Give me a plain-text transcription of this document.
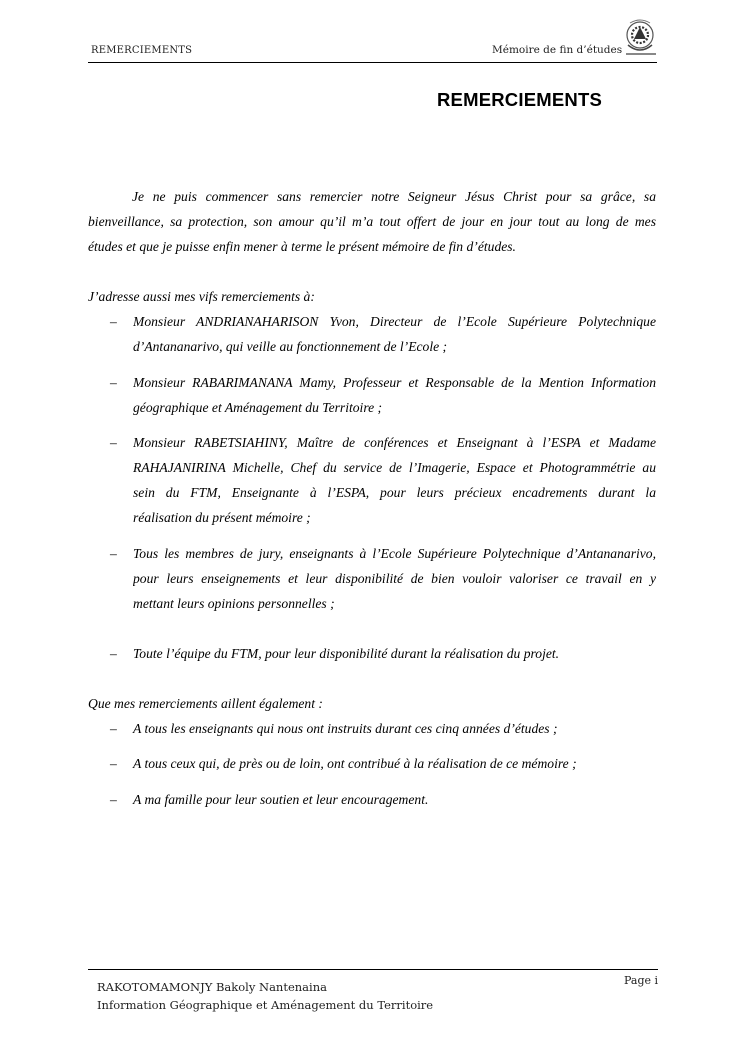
REMERCIEMENTS	Mémoire de fin d’études
REMERCIEMENTS
Je ne puis commencer sans remercier notre Seigneur Jésus Christ pour sa grâce, sa
bienveillance, sa protection, son amour qu’il m’a tout offert de jour en jour tout au long de mes
études et que je puisse enfin mener à terme le présent mémoire de fin d’études.
J’adresse aussi mes vifs remerciements à:
– Monsieur ANDRIANAHARISON Yvon, Directeur de l’Ecole Supérieure Polytechnique
d’Antananarivo, qui veille au fonctionnement de l’Ecole ;
– Monsieur RABARIMANANA Mamy, Professeur et Responsable de la Mention Information
géographique et Aménagement du Territoire ;
– Monsieur RABETSIAHINY, Maître de conférences et Enseignant à l’ESPA et Madame
RAHAJANIRINA Michelle, Chef du service de l’Imagerie, Espace et Photogrammétrie au
sein du FTM, Enseignante à l’ESPA, pour leurs précieux encadrements durant la
réalisation du présent mémoire ;
– Tous les membres de jury, enseignants à l’Ecole Supérieure Polytechnique d’Antananarivo,
pour leurs enseignements et leur disponibilité de bien vouloir valoriser ce travail en y
mettant leurs opinions personnelles ;
– Toute l’équipe du FTM, pour leur disponibilité durant la réalisation du projet.
Que mes remerciements aillent également :
– A tous les enseignants qui nous ont instruits durant ces cinq années d’études ;
– A tous ceux qui, de près ou de loin, ont contribué à la réalisation de ce mémoire ;
– A ma famille pour leur soutien et leur encouragement.
RAKOTOMAMONJY Bakoly Nantenaina
Information Géographique et Aménagement du Territoire
Page i
